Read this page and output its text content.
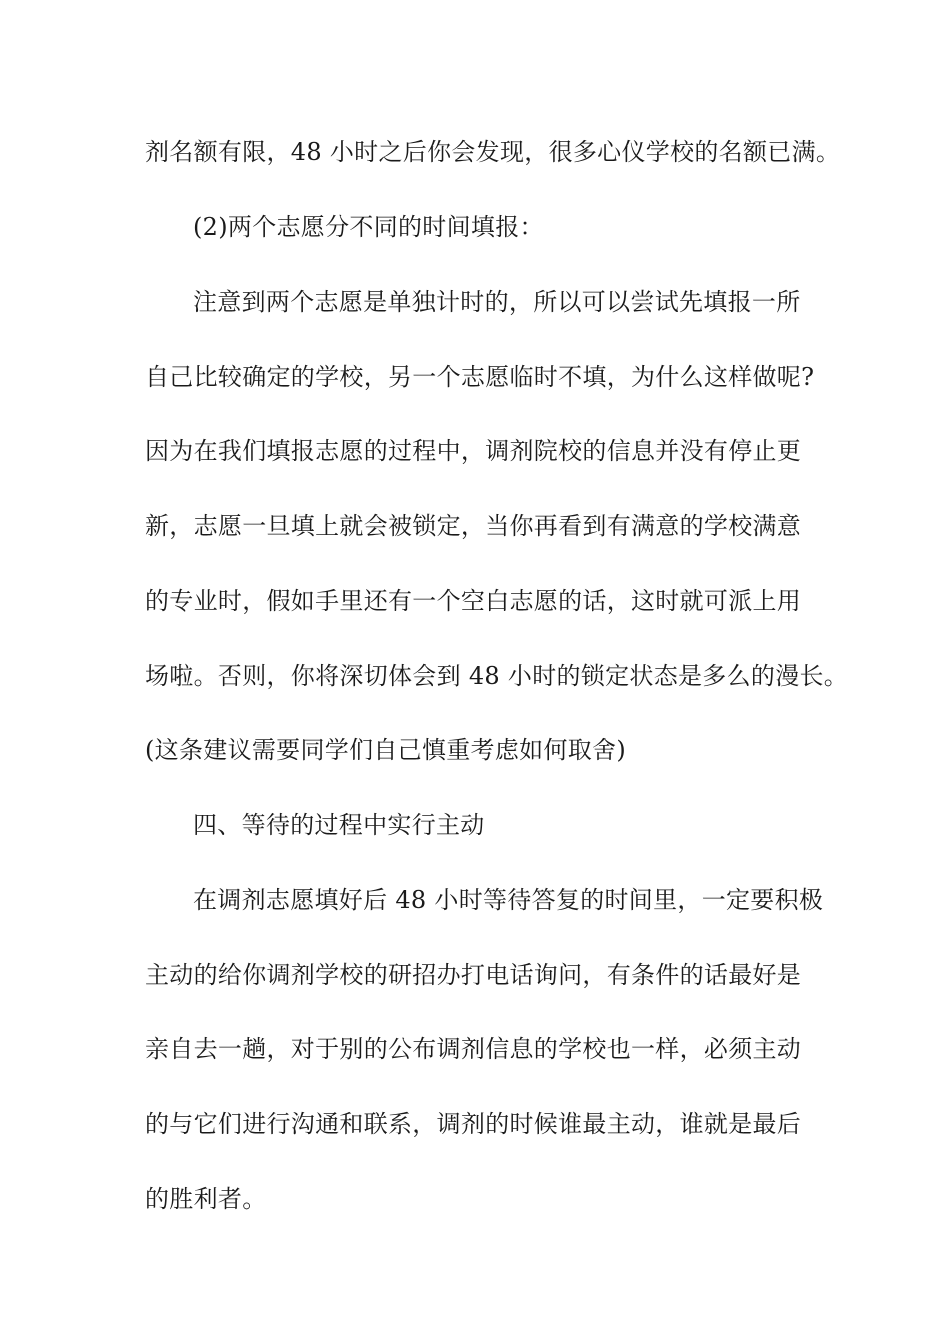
剂名额有限，48 小时之后你会发现，很多心仪学校的名额已满。
(2)两个志愿分不同的时间填报：
注意到两个志愿是单独计时的，所以可以尝试先填报一所
自己比较确定的学校，另一个志愿临时不填，为什么这样做呢?
因为在我们填报志愿的过程中，调剂院校的信息并没有停止更
新，志愿一旦填上就会被锁定，当你再看到有满意的学校满意
的专业时，假如手里还有一个空白志愿的话，这时就可派上用
场啦。否则，你将深切体会到 48 小时的锁定状态是多么的漫长。
(这条建议需要同学们自己慎重考虑如何取舍)
四、等待的过程中实行主动
在调剂志愿填好后 48 小时等待答复的时间里，一定要积极
主动的给你调剂学校的研招办打电话询问，有条件的话最好是
亲自去一趟，对于别的公布调剂信息的学校也一样，必须主动
的与它们进行沟通和联系，调剂的时候谁最主动，谁就是最后
的胜利者。
